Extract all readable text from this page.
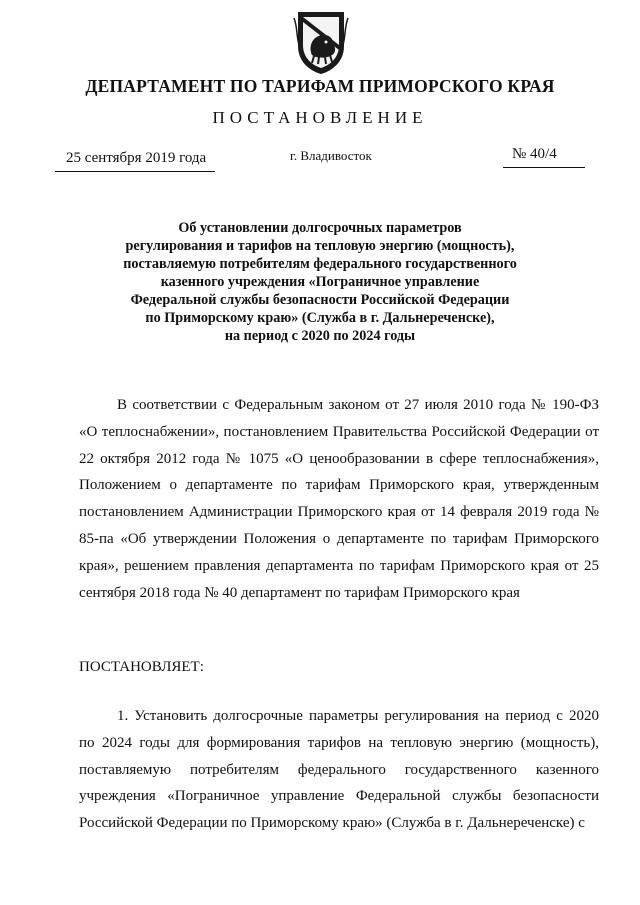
ДЕПАРТАМЕНТ ПО ТАРИФАМ ПРИМОРСКОГО КРАЯ
ПОСТАНОВЛЕНИЕ
25 сентября 2019 года	г. Владивосток	№ 40/4
Об установлении долгосрочных параметров
регулирования и тарифов на тепловую энергию (мощность),
поставляемую потребителям федерального государственного
казенного учреждения «Пограничное управление
Федеральной службы безопасности Российской Федерации
по Приморскому краю» (Служба в г. Дальнереченске),
на период с 2020 по 2024 годы
В соответствии с Федеральным законом от 27 июля 2010 года № 190-ФЗ «О теплоснабжении», постановлением Правительства Российской Федерации от 22 октября 2012 года № 1075 «О ценообразовании в сфере теплоснабжения», Положением о департаменте по тарифам Приморского края, утвержденным постановлением Администрации Приморского края от 14 февраля 2019 года № 85-па «Об утверждении Положения о департаменте по тарифам Приморского края», решением правления департамента по тарифам Приморского края от 25 сентября 2018 года № 40 департамент по тарифам Приморского края
ПОСТАНОВЛЯЕТ:
1. Установить долгосрочные параметры регулирования на период с 2020 по 2024 годы для формирования тарифов на тепловую энергию (мощность), поставляемую потребителям федерального государственного казенного учреждения «Пограничное управление Федеральной службы безопасности Российской Федерации по Приморскому краю» (Служба в г. Дальнереченске) с
